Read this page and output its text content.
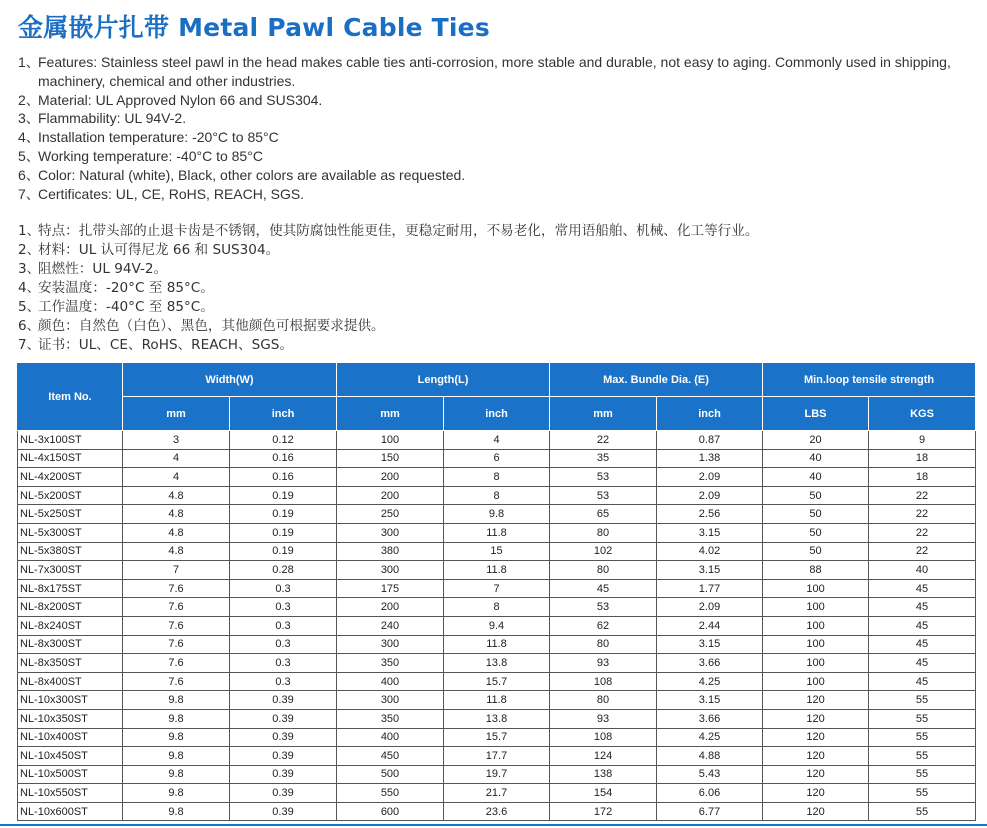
金属嵌片扎带 Metal Pawl Cable Ties
1、
Features: Stainless steel pawl in the head makes cable ties anti-corrosion, more stable and durable, not easy to aging. Commonly used in shipping, machinery, chemical and other industries.
2、
Material: UL Approved Nylon 66 and SUS304.
3、
Flammability: UL 94V-2.
4、
Installation temperature: -20°C to 85°C
5、
Working temperature: -40°C to 85°C
6、
Color: Natural (white), Black, other colors are available as requested.
7、
Certificates: UL, CE, RoHS, REACH, SGS.
1、
特点：扎带头部的止退卡齿是不锈钢，使其防腐蚀性能更佳，更稳定耐用，不易老化，常用语船舶、机械、化工等行业。
2、
材料：UL 认可得尼龙 66 和 SUS304。
3、
阻燃性：UL 94V-2。
4、
安装温度：-20°C 至 85°C。
5、
工作温度：-40°C 至 85°C。
6、
颜色：自然色（白色）、黑色，其他颜色可根据要求提供。
7、
证书：UL、CE、RoHS、REACH、SGS。
Item No.	Width(W)		Length(L)		Max. Bundle Dia. (E)		Min.loop tensile strength	
	mm	inch	mm	inch	mm	inch	LBS	KGS
NL-3x100ST	3	0.12	100	4	22	0.87	20	9
NL-4x150ST	4	0.16	150	6	35	1.38	40	18
NL-4x200ST	4	0.16	200	8	53	2.09	40	18
NL-5x200ST	4.8	0.19	200	8	53	2.09	50	22
NL-5x250ST	4.8	0.19	250	9.8	65	2.56	50	22
NL-5x300ST	4.8	0.19	300	11.8	80	3.15	50	22
NL-5x380ST	4.8	0.19	380	15	102	4.02	50	22
NL-7x300ST	7	0.28	300	11.8	80	3.15	88	40
NL-8x175ST	7.6	0.3	175	7	45	1.77	100	45
NL-8x200ST	7.6	0.3	200	8	53	2.09	100	45
NL-8x240ST	7.6	0.3	240	9.4	62	2.44	100	45
NL-8x300ST	7.6	0.3	300	11.8	80	3.15	100	45
NL-8x350ST	7.6	0.3	350	13.8	93	3.66	100	45
NL-8x400ST	7.6	0.3	400	15.7	108	4.25	100	45
NL-10x300ST	9.8	0.39	300	11.8	80	3.15	120	55
NL-10x350ST	9.8	0.39	350	13.8	93	3.66	120	55
NL-10x400ST	9.8	0.39	400	15.7	108	4.25	120	55
NL-10x450ST	9.8	0.39	450	17.7	124	4.88	120	55
NL-10x500ST	9.8	0.39	500	19.7	138	5.43	120	55
NL-10x550ST	9.8	0.39	550	21.7	154	6.06	120	55
NL-10x600ST	9.8	0.39	600	23.6	172	6.77	120	55
